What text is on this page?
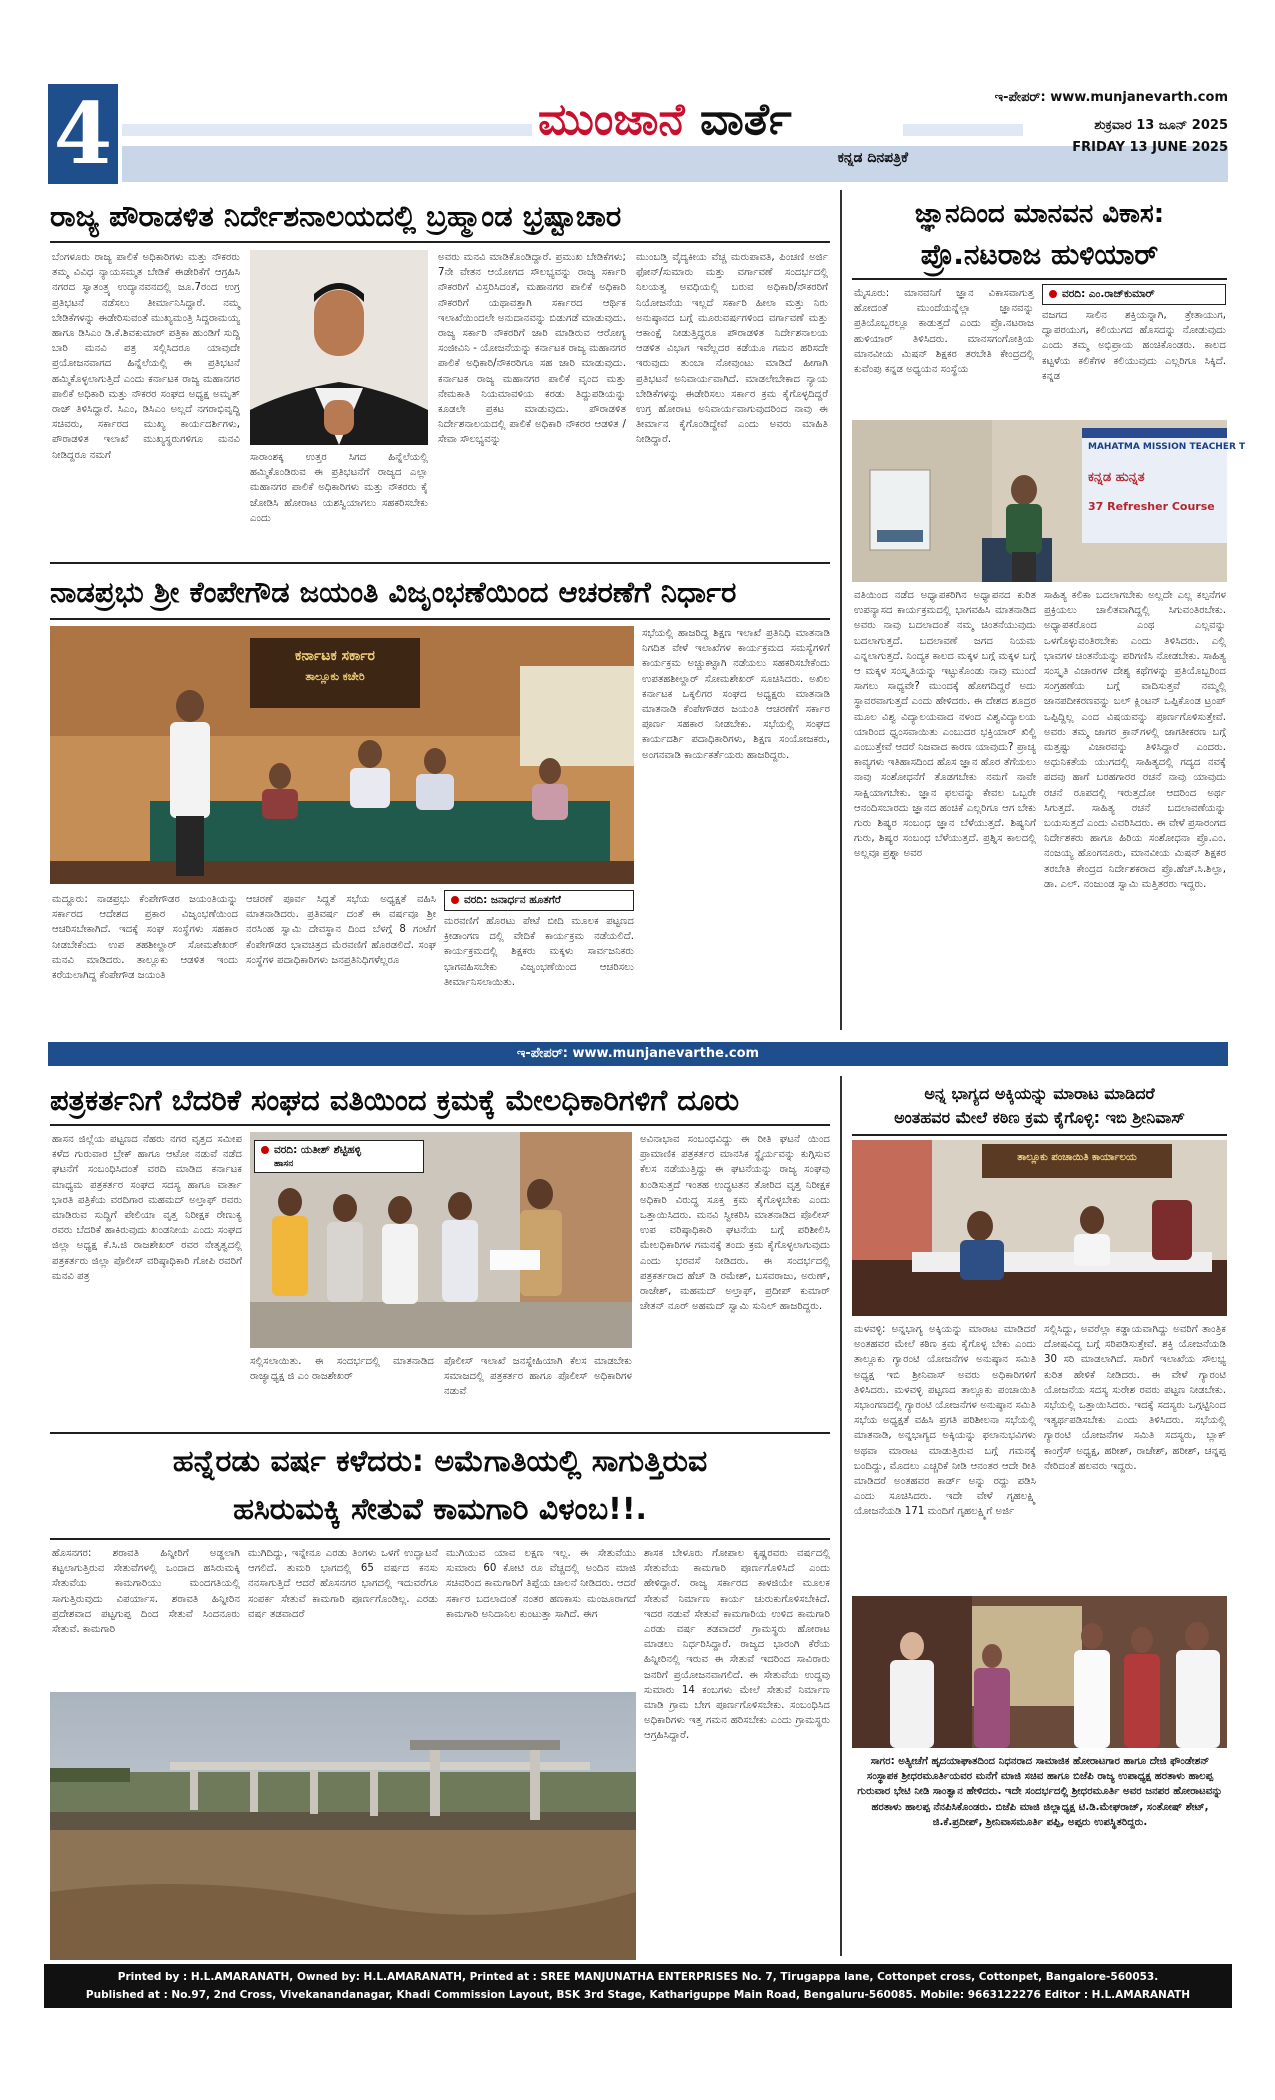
4	ಮುಂಜಾನೆ ವಾರ್ತೆ
ಕನ್ನಡ ದಿನಪತ್ರಿಕೆ
ಇ-ಪೇಪರ್: www.munjanevarth.com
ಶುಕ್ರವಾರ 13 ಜೂನ್ 2025
FRIDAY 13 JUNE 2025
ರಾಜ್ಯ ಪೌರಾಡಳಿತ ನಿರ್ದೇಶನಾಲಯದಲ್ಲಿ ಬ್ರಹ್ಮಾಂಡ ಭ್ರಷ್ಟಾಚಾರ
ಬೆಂಗಳೂರು ರಾಜ್ಯ ಪಾಲಿಕೆ ಅಧಿಕಾರಿಗಳು ಮತ್ತು ನೌಕರರು ತಮ್ಮ ವಿವಿಧ ನ್ಯಾಯಸಮ್ಮತ ಬೇಡಿಕೆ ಈಡೇರಿಕೆಗೆ ಆಗ್ರಹಿಸಿ ನಗರದ ಸ್ವಾತಂತ್ರ್ಯ ಉದ್ಯಾನವನದಲ್ಲಿ ಜೂ.7ರಂದ ಉಗ್ರ ಪ್ರತಿಭಟನೆ ನಡೆಸಲು ತೀರ್ಮಾನಿಸಿದ್ದಾರೆ. ನಮ್ಮ ಬೇಡಿಕೆಗಳನ್ನು ಈಡೇರಿಸುವಂತೆ ಮುಖ್ಯಮಂತ್ರಿ ಸಿದ್ದರಾಮಯ್ಯ ಹಾಗೂ ಡಿಸಿಎಂ ಡಿ.ಕೆ.ಶಿವಕುಮಾರ್ ಪತ್ರಿಕಾ ಹುಂಡಿಗೆ ಸುದ್ದಿ ಬಾರಿ ಮನವಿ ಪತ್ರ ಸಲ್ಲಿಸಿದರೂ ಯಾವುದೇ ಪ್ರಯೋಜನವಾಗದ ಹಿನ್ನೆಲೆಯಲ್ಲಿ ಈ ಪ್ರತಿಭಟನೆ ಹಮ್ಮಿಕೊಳ್ಳಲಾಗುತ್ತಿದೆ ಎಂದು ಕರ್ನಾಟಕ ರಾಜ್ಯ ಮಹಾನಗರ ಪಾಲಿಕೆ ಅಧಿಕಾರಿ ಮತ್ತು ನೌಕರರ ಸಂಘದ ಅಧ್ಯಕ್ಷ ಅಮೃತ್ ರಾಜ್ ತಿಳಿಸಿದ್ದಾರೆ. ಸಿಎಂ, ಡಿಸಿಎಂ ಅಲ್ಲದೆ ನಗರಾಭಿವೃದ್ಧಿ ಸಚಿವರು, ಸರ್ಕಾರದ ಮುಖ್ಯ ಕಾರ್ಯದರ್ಶಿಗಳು, ಪೌರಾಡಳಿತ ಇಲಾಖೆ ಮುಖ್ಯಸ್ಥರುಗಳಿಗೂ ಮನವಿ ನೀಡಿದ್ದರೂ ನಮಗೆ	ಸಾರಾಂಶಕ್ಕ ಉತ್ತರ ಸಿಗದ ಹಿನ್ನೆಲೆಯಲ್ಲಿ ಹಮ್ಮಿಕೊಂಡಿರುವ ಈ ಪ್ರತಿಭಟನೆಗೆ ರಾಜ್ಯದ ಎಲ್ಲಾ ಮಹಾನಗರ ಪಾಲಿಕೆ ಅಧಿಕಾರಿಗಳು ಮತ್ತು ನೌಕರರು ಕೈ ಜೋಡಿಸಿ ಹೋರಾಟ ಯಶಸ್ವಿಯಾಗಲು ಸಹಕರಿಸಬೇಕು ಎಂದು
ಅವರು ಮನವಿ ಮಾಡಿಕೊಂಡಿದ್ದಾರೆ. ಪ್ರಮುಖ ಬೇಡಿಕೆಗಳು; 7ನೇ ವೇತನ ಆಯೋಗದ ಸೌಲಭ್ಯವನ್ನು ರಾಜ್ಯ ಸರ್ಕಾರಿ ನೌಕರರಿಗೆ ವಿಸ್ತರಿಸಿದಂತೆ, ಮಹಾನಗರ ಪಾಲಿಕೆ ಅಧಿಕಾರಿ ನೌಕರರಿಗೆ ಯಥಾವತ್ತಾಗಿ ಸರ್ಕಾರದ ಆರ್ಥಿಕ ಇಲಾಖೆಯಿಂದಲೇ ಅನುದಾನವನ್ನು ಬಿಡುಗಡೆ ಮಾಡುವುದು. ರಾಜ್ಯ ಸರ್ಕಾರಿ ನೌಕರರಿಗೆ ಜಾರಿ ಮಾಡಿರುವ ಆರೋಗ್ಯ ಸಂಜೀವಿನಿ - ಯೋಜನೆಯನ್ನು ಕರ್ನಾಟಕ ರಾಜ್ಯ ಮಹಾನಗರ ಪಾಲಿಕೆ ಅಧಿಕಾರಿ/ನೌಕರರಿಗೂ ಸಹ ಜಾರಿ ಮಾಡುವುದು. ಕರ್ನಾಟಕ ರಾಜ್ಯ ಮಹಾನಗರ ಪಾಲಿಕೆ ವೃಂದ ಮತ್ತು ನೇಮಕಾತಿ ನಿಯಮಾವಳಿಯ ಕರಡು ತಿದ್ದುಪಡಿಯನ್ನು ಕೂಡಲೇ ಪ್ರಕಟ ಮಾಡುವುದು. ಪೌರಾಡಳಿತ ನಿರ್ದೇಶನಾಲಯದಲ್ಲಿ ಪಾಲಿಕೆ ಅಧಿಕಾರಿ ನೌಕರರ ಆಡಳಿತ /ಸೇವಾ ಸೌಲಭ್ಯವನ್ನು
ಮುಂಬಡ್ತಿ ವೈದ್ಯಕೀಯ ವೆಚ್ಚ ಮರುಪಾವತಿ, ಪಿಂಚಣಿ ಅರ್ಜಿ ಫೋನ್/ಸುಮಾರು ಮತ್ತು ವರ್ಗಾವಣೆ ಸಂದರ್ಭದಲ್ಲಿ ನಿಲಯತ್ವ ಅವಧಿಯಲ್ಲಿ ಬರುವ ಅಧಿಕಾರಿ/ನೌಕರರಿಗೆ ನಿಯೋಜನೆಯ ಇಲ್ಲದೆ ಸರ್ಕಾರಿ ಹೀಲಾ ಮತ್ತು ನಿರು ಅನುಷ್ಠಾನದ ಬಗ್ಗೆ ಮೂರುವರ್ಷಗಳಿಂದ ವರ್ಗಾವಣೆ ಮತ್ತು ಆಕಾಂಕ್ಷೆ ನೀಡುತ್ತಿದ್ದರೂ ಪೌರಾಡಳಿತ ನಿರ್ದೇಶನಾಲಯ ಆಡಳಿತ ವಿಭಾಗ ಇವೆಲ್ಲದರ ಕಡೆಯೂ ಗಮನ ಹರಿಸದೇ ಇರುವುದು ತುಂಬಾ ನೋವುಂಟು ಮಾಡಿದೆ ಹೀಗಾಗಿ ಪ್ರತಿಭಟನೆ ಅನಿವಾರ್ಯವಾಗಿದೆ. ಮಾಡಲೇಬೇಕಾದ ನ್ಯಾಯ ಬೇಡಿಕೆಗಳನ್ನು ಈಡೇರಿಸಲು ಸರ್ಕಾರ ಕ್ರಮ ಕೈಗೊಳ್ಳದಿದ್ದರೆ ಉಗ್ರ ಹೋರಾಟ ಅನಿವಾರ್ಯವಾಗುವುದರಿಂದ ನಾವು ಈ ತೀರ್ಮಾನ ಕೈಗೊಂಡಿದ್ದೇವೆ ಎಂದು ಅವರು ಮಾಹಿತಿ ನೀಡಿದ್ದಾರೆ.
ಜ್ಞಾನದಿಂದ ಮಾನವನ ವಿಕಾಸ:
ಪ್ರೊ.ನಟರಾಜ ಹುಳಿಯಾರ್
ಮೈಸೂರು: ಮಾನವನಿಗೆ ಜ್ಞಾನ ವಿಕಾಸವಾಗುತ್ತ ಹೋದಂತೆ ಮುಂದೆಯನ್ನೆಲ್ಲಾ ಜ್ಞಾನವನ್ನು ಪ್ರತಿಯೊಬ್ಬರಲ್ಲೂ ಕಾಡುತ್ತದೆ ಎಂದು ಪ್ರೊ.ನಟರಾಜ ಹುಳಿಯಾರ್ ತಿಳಿಸಿದರು. ಮಾನಸಗಂಗೋತ್ರಿಯ ಮಾನವೀಯ ಮಿಷನ್ ಶಿಕ್ಷಕರ ತರಬೇತಿ ಕೇಂದ್ರದಲ್ಲಿ ಕುವೆಂಪು ಕನ್ನಡ ಅಧ್ಯಯನ ಸಂಸ್ಥೆಯ
ವರದಿ: ಎಂ.ರಾಜ್‌ಕುಮಾರ್
ವಜಗದ ಸಾಲಿನ ಶಕ್ತಿಯನ್ನಾಗಿ, ತ್ರೇತಾಯುಗ, ದ್ವಾಪರಯುಗ, ಕಲಿಯುಗದ ಹೊಸದನ್ನು ನೋಡುವುದು ಎಂದು ತಮ್ಮ ಅಭಿಪ್ರಾಯ ಹಂಚಿಕೊಂಡರು. ಕಾಲದ ಕಟ್ಟಳೆಯ ಕಲಿಕೆಗಳ ಕಲಿಯುವುದು ಎಲ್ಲರಿಗೂ ಸಿಕ್ಕಿದೆ. ಕನ್ನಡ
MAHATMA MISSION TEACHER T
ಕನ್ನಡ ಹುನ್ನತ
37 Refresher Course
ವತಿಯಿಂದ ನಡೆದ ಅಧ್ಯಾಪಕರಿಗಿನ ಅಧ್ಯಾಪನದ ಕುರಿತ ಉಪನ್ಯಾಸದ ಕಾರ್ಯಕ್ರಮದಲ್ಲಿ ಭಾಗವಹಿಸಿ ಮಾತನಾಡಿದ ಅವರು ನಾವು ಬದಲಾದಂತೆ ನಮ್ಮ ಚಿಂತನೆಯುವುದು ಬದಲಾಗುತ್ತದೆ. ಬದಲಾವಣೆ ಜಗದ ನಿಯಮ ಎನ್ನಲಾಗುತ್ತದೆ. ನಿಂದ್ಯಕ ಕಾಲದ ಮಕ್ಕಳ ಬಗ್ಗೆ ಮಕ್ಕಳ ಬಗ್ಗೆ ಆ ಮಕ್ಕಳ ಸಂಸ್ಕೃತಿಯನ್ನು ಇಟ್ಟುಕೊಂಡು ನಾವು ಮುಂದೆ ಸಾಗಲು ಸಾಧ್ಯವೇ? ಮುಂದಕ್ಕೆ ಹೋಗದಿದ್ದರೆ ಅದು ಸ್ಥಾವರವಾಗುತ್ತದೆ ಎಂದು ಹೇಳಿದರು. ಈ ದೇಶದ ಶೂದ್ರರ ಮೂಲ ವಿಶ್ವ ವಿದ್ಯಾಲಯವಾದ ನಳಂದ ವಿಶ್ವವಿದ್ಯಾಲಯ ಯಾರಿಂದ ಧ್ವಂಸವಾಯಿತು ಎಂಬುದರ ಭಕ್ತಿಯಾರ್ ಖಿಲ್ಜಿ ಎಂಬುತ್ತೇವೆ ಆದರೆ ನಿಜವಾದ ಕಾರಣ ಯಾವುದು? ಪ್ರಾಚ್ಯ ಕಾವ್ಯಗಳು ಇತಿಹಾಸದಿಂದ ಹೊಸ ಜ್ಞಾನ ಹೊರ ತೆಗೆಯಲು ನಾವು ಸಂಶೋಧನೆಗೆ ತೊಡಗಬೇಕು ನಮಗೆ ನಾವೇ ಸಾಕ್ಷಿಯಾಗಬೇಕು. ಜ್ಞಾನ ಫಲವನ್ನು ಕೇವಲ ಒಬ್ಬರೇ ಆನಂದಿಸಬಾರದು ಜ್ಞಾನದ ಹಂಚಿಕೆ ಎಲ್ಲರಿಗೂ ಆಗ ಬೇಕು ಗುರು ಶಿಷ್ಯರ ಸಂಬಂಧ ಜ್ಞಾನ ಬೆಳೆಯುತ್ತದೆ. ಶಿಷ್ಯನಿಗೆ ಗುರು, ಶಿಷ್ಯರ ಸಂಬಂಧ ಬೆಳೆಯುತ್ತದೆ. ಪ್ರಶ್ನಿಸ ಕಾಲದಲ್ಲಿ ಅಲ್ಲವೂ ಪ್ರಶ್ನಾ ಅವರ
ಸಾಹಿತ್ಯ ಕಲಿಕಾ ಬದಲಾಗಬೇಕು ಅಲ್ಲದೇ ಎಲ್ಲ ಕಲ್ಪನೆಗಳ ಪ್ರಕ್ರಿಯಲು ಚಾಲಿತವಾಗಿದ್ದಲ್ಲಿ ಸಿಗುವಂತಿರಬೇಕು. ಅಧ್ಯಾಪಕರೊಂದ ಎಂಥ ಎಲ್ಲವನ್ನು ಒಳಗೊಳ್ಳುವಂತಿರಬೇಕು ಎಂದು ತಿಳಿಸಿದರು. ಎಲ್ಲಿ ಭಾವಗಳ ಚಿಂತನೆಯನ್ನು ಪರಿಗಣಿಸಿ ನೋಡಬೇಕು. ಸಾಹಿತ್ಯ ಸಂಸ್ಕೃತಿ ವಿಚಾರಗಳ ದೇಶ್ಯ ಕಥೆಗಳನ್ನು ಪ್ರತಿಯೊಬ್ಬರಿಂದ ಸಂಗ್ರಹಣೆಯ ಬಗ್ಗೆ ವಾದಿಸುತ್ತವೆ ನಮ್ಮಲ್ಲಿ ಜಾನಪದೀಕರಣವನ್ನು ಬಲ್ ಕ್ಲಿಂಟನ್ ಒಪ್ಪಿಕೊಂಡ ಟ್ರಂಪ್ ಒಪ್ಪಿದ್ದಿಲ್ಲ ಎಂದ ವಿಷಯವನ್ನು ಪೂರ್ಣಗೊಳಿಸುತ್ತೇವೆ. ಅವರು ತಮ್ಮ ಜಾಗರ ಕ್ರಾನ್‌ಗಳಲ್ಲಿ ಜಾಗತೀಕರಣ ಬಗ್ಗೆ ಮತ್ತಷ್ಟು ವಿಚಾರವನ್ನು ತಿಳಿಸಿದ್ದಾರೆ ಎಂದರು. ಅಧುನಿಕತೆಯ ಯುಗದಲ್ಲಿ ಸಾಹಿತ್ಯದಲ್ಲಿ ಗದ್ಯದ ನವಕ್ಕೆ ಪದವು ಹಾಗೆ ಬರಹಗಾರರ ರಚನೆ ನಾವು ಯಾವುದು ರಚನೆ ರೂಪದಲ್ಲಿ ಇರುತ್ತದೋ ಆದರಿಂದ ಅರ್ಥ ಸಿಗುತ್ತದೆ. ಸಾಹಿತ್ಯ ರಚನೆ ಬದಲಾವಣೆಯನ್ನು ಬಯಸುತ್ತದೆ ಎಂದು ವಿವರಿಸಿದರು. ಈ ವೇಳೆ ಪ್ರಸಾರಂಗದ ನಿರ್ದೇಶಕರು ಹಾಗೂ ಹಿರಿಯ ಸಂಶೋಧನಾ ಪ್ರೊ.ಎಂ. ನಂಜಯ್ಯ ಹೊಂಗನೂರು, ಮಾನವೀಯ ಮಿಷನ್ ಶಿಕ್ಷಕರ ತರಬೇತಿ ಕೇಂದ್ರದ ನಿರ್ದೇಶಕರಾದ ಪ್ರೊ.ಹೆಚ್.ಸಿ.ಶಿಲ್ಪಾ, ಡಾ. ಎಲ್. ನಂಜುಂಡ ಸ್ವಾಮಿ ಮತ್ತಿತರರು ಇದ್ದರು.
ನಾಡಪ್ರಭು ಶ್ರೀ ಕೆಂಪೇಗೌಡ ಜಯಂತಿ ವಿಜೃಂಭಣೆಯಿಂದ ಆಚರಣೆಗೆ ನಿರ್ಧಾರ
ಕರ್ನಾಟಕ ಸರ್ಕಾರ
ತಾಲ್ಲೂಕು ಕಚೇರಿ
ಸಭೆಯಲ್ಲಿ ಹಾಜರಿದ್ದ ಶಿಕ್ಷಣ ಇಲಾಖೆ ಪ್ರತಿನಿಧಿ ಮಾತನಾಡಿ ನಿಗದಿತ ವೇಳೆ ಇಲಾಖೆಗಳ ಕಾರ್ಯಕ್ರಮದ ಸಮಸ್ಯೆಗಳಿಗೆ ಕಾರ್ಯಕ್ರಮ ಅಚ್ಚುಕಟ್ಟಾಗಿ ನಡೆಯಲು ಸಹಕರಿಸಬೇಕೆಂದು ಉಪತಹಶೀಲ್ದಾರ್ ಸೋಮಶೇಖರ್ ಸೂಚಿಸಿದರು. ಅಖಿಲ ಕರ್ನಾಟಕ ಒಕ್ಕಲಿಗರ ಸಂಘದ ಅಧ್ಯಕ್ಷರು ಮಾತನಾಡಿ ಮಾತನಾಡಿ ಕೆಂಪೇಗೌಡರ ಜಯಂತಿ ಆಚರಣೆಗೆ ಸರ್ಕಾರ ಪೂರ್ಣ ಸಹಕಾರ ನೀಡಬೇಕು. ಸಭೆಯಲ್ಲಿ ಸಂಘದ ಕಾರ್ಯದರ್ಶಿ ಪದಾಧಿಕಾರಿಗಳು, ಶಿಕ್ಷಣ ಸಂಯೋಜಕರು, ಅಂಗನವಾಡಿ ಕಾರ್ಯಕರ್ತೆಯರು ಹಾಜರಿದ್ದರು.
ಮದ್ದೂರು: ನಾಡಪ್ರಭು ಕೆಂಪೇಗೌಡರ ಜಯಂತಿಯನ್ನು ಸರ್ಕಾರದ ಆದೇಶದ ಪ್ರಕಾರ ವಿಜೃಂಭಣೆಯಿಂದ ಆಚರಿಸಬೇಕಾಗಿದೆ. ಇದಕ್ಕೆ ಸಂಘ ಸಂಸ್ಥೆಗಳು ಸಹಕಾರ ನೀಡಬೇಕೆಂದು ಉಪ ತಹಶೀಲ್ದಾರ್ ಸೋಮಶೇಖರ್ ಮನವಿ ಮಾಡಿದರು. ತಾಲ್ಲೂಕು ಆಡಳಿತ ಇಂದು ಕರೆಯಲಾಗಿದ್ದ ಕೆಂಪೇಗೌಡ ಜಯಂತಿ
ಆಚರಣೆ ಪೂರ್ವ ಸಿದ್ದತೆ ಸಭೆಯ ಅಧ್ಯಕ್ಷತೆ ವಹಿಸಿ ಮಾತನಾಡಿದರು. ಪ್ರತಿವರ್ಷ ದಂತೆ ಈ ವರ್ಷವೂ ಶ್ರೀ ನರಸಿಂಹ ಸ್ವಾಮಿ ದೇವಸ್ಥಾನ ದಿಂದ ಬೆಳಗ್ಗೆ 8 ಗಂಟೆಗೆ ಕೆಂಪೇಗೌಡರ ಭಾವಚಿತ್ರದ ಮೆರವಣಿಗೆ ಹೊರಡಲಿದೆ. ಸಂಘ ಸಂಸ್ಥೆಗಳ ಪದಾಧಿಕಾರಿಗಳು ಜನಪ್ರತಿನಿಧಿಗಳೆಲ್ಲರೂ
ವರದಿ: ಜನಾರ್ಧನ ಹೂತಗೆರೆ
ಮರವಣಿಗೆ ಹೊರಟು ಪೇಟೆ ಬೀದಿ ಮೂಲಕ ಪಟ್ಟಣದ ಕ್ರೀಡಾಂಗಣ ದಲ್ಲಿ ವೇದಿಕೆ ಕಾರ್ಯಕ್ರಮ ನಡೆಯಲಿದೆ. ಕಾರ್ಯಕ್ರಮದಲ್ಲಿ ಶಿಕ್ಷಕರು ಮಕ್ಕಳು ಸಾರ್ವಜನಿಕರು ಭಾಗವಹಿಸಬೇಕು ವಿಜೃಂಭಣೆಯಿಂದ ಆಚರಿಸಲು ತೀರ್ಮಾನಿಸಲಾಯಿತು.
ಇ-ಪೇಪರ್: www.munjanevarthe.com
ಪತ್ರಕರ್ತನಿಗೆ ಬೆದರಿಕೆ ಸಂಘದ ವತಿಯಿಂದ ಕ್ರಮಕ್ಕೆ ಮೇಲಧಿಕಾರಿಗಳಿಗೆ ದೂರು
ಹಾಸನ ಜಿಲ್ಲೆಯ ಪಟ್ಟಣದ ನೆಹರು ನಗರ ವೃತ್ತದ ಸಮೀಪ ಕಳೆದ ಗುರುವಾರ ಬ್ರೇಕ್ ಹಾಗೂ ಆಟೋ ನಡುವೆ ನಡೆದ ಘಟನೆಗೆ ಸಂಬಂಧಿಸಿದಂತೆ ವರದಿ ಮಾಡಿದ ಕರ್ನಾಟಕ ಮಾಧ್ಯಮ ಪತ್ರಕರ್ತರ ಸಂಘದ ಸದಸ್ಯ ಹಾಗೂ ವಾರ್ತಾ ಭಾರತಿ ಪತ್ರಿಕೆಯ ವರದಿಗಾರ ಮಹಮದ್ ಅಲ್ತಾಫ್ ರವರು ಮಾಡಿರುವ ಸುದ್ದಿಗೆ ಪೇಲಿಯಾ ವೃತ್ತ ನಿರೀಕ್ಷಕ ರೇಣುಕ್ಯ ರವರು ಬೆದರಿಕೆ ಹಾಕಿರುವುದು ಖಂಡನೀಯ ಎಂದು ಸಂಘದ ಜಿಲ್ಲಾ ಅಧ್ಯಕ್ಷ ಕೆ.ಸಿ.ಜಿ ರಾಜಶೇಖರ್ ರವರ ನೇತೃತ್ವದಲ್ಲಿ ಪತ್ರಕರ್ತರು ಜಿಲ್ಲಾ ಪೊಲೀಸ್ ವರಿಷ್ಠಾಧಿಕಾರಿ ಗೋಪಿ ರವರಿಗೆ ಮನವಿ ಪತ್ರ
ವರದಿ: ಯತೀಶ್ ಶೆಟ್ಟಿಹಳ್ಳಿ
ಹಾಸನ
ಸಲ್ಲಿಸಲಾಯಿತು. ಈ ಸಂದರ್ಭದಲ್ಲಿ ಮಾತನಾಡಿದ ರಾಜ್ಯಾಧ್ಯಕ್ಷ ಜಿ ಎಂ ರಾಜಶೇಖರ್
ಪೊಲೀಸ್ ಇಲಾಖೆ ಜನಸ್ನೇಹಿಯಾಗಿ ಕೆಲಸ ಮಾಡಬೇಕು ಸಮಾಜದಲ್ಲಿ ಪತ್ರಕರ್ತರ ಹಾಗೂ ಪೊಲೀಸ್ ಅಧಿಕಾರಿಗಳ ನಡುವೆ
ಅವಿನಾಭಾವ ಸಂಬಂಧವಿದ್ದು ಈ ರೀತಿ ಘಟನೆ ಯಿಂದ ಪ್ರಾಮಾಣಿಕ ಪತ್ರಕರ್ತರ ಮಾನಸಿಕ ಸ್ಥೈರ್ಯವನ್ನು ಕುಗ್ಗಿಸುವ ಕೆಲಸ ನಡೆಯುತ್ತಿದ್ದು ಈ ಘಟನೆಯನ್ನು ರಾಜ್ಯ ಸಂಘವು ಖಂಡಿಸುತ್ತದೆ ಇಂತಹ ಉದ್ಧಟತನ ತೋರಿದ ವೃತ್ತ ನಿರೀಕ್ಷಕ ಅಧಿಕಾರಿ ವಿರುದ್ಧ ಸೂಕ್ತ ಕ್ರಮ ಕೈಗೊಳ್ಳಬೇಕು ಎಂದು ಒತ್ತಾಯಿಸಿದರು. ಮನವಿ ಸ್ವೀಕರಿಸಿ ಮಾತನಾಡಿದ ಪೊಲೀಸ್ ಉಪ ವರಿಷ್ಠಾಧಿಕಾರಿ ಘಟನೆಯ ಬಗ್ಗೆ ಪರಿಶೀಲಿಸಿ ಮೇಲಧಿಕಾರಿಗಳ ಗಮನಕ್ಕೆ ತಂದು ಕ್ರಮ ಕೈಗೊಳ್ಳಲಾಗುವುದು ಎಂದು ಭರವಸೆ ನೀಡಿದರು. ಈ ಸಂದರ್ಭದಲ್ಲಿ ಪತ್ರಕರ್ತರಾದ ಹೆಚ್ ಡಿ ರಮೇಶ್, ಬಸವರಾಜು, ಅರುಣ್, ರಾಜೇಶ್, ಮಹಮದ್ ಅಲ್ತಾಫ್, ಪ್ರದೀಪ್ ಕುಮಾರ್ ಚೇತನ್ ನೂರ್ ಅಹಮದ್ ಸ್ವಾಮಿ ಸುನಿಲ್ ಹಾಜರಿದ್ದರು.
ಅನ್ನ ಭಾಗ್ಯದ ಅಕ್ಕಿಯನ್ನು ಮಾರಾಟ ಮಾಡಿದರೆ
ಅಂತಹವರ ಮೇಲೆ ಕಠಿಣ ಕ್ರಮ ಕೈಗೊಳ್ಳಿ: ಇಬಿ ಶ್ರೀನಿವಾಸ್
ತಾಲ್ಲೂಕು ಪಂಚಾಯಿತಿ ಕಾರ್ಯಾಲಯ
ಮಳವಳ್ಳಿ: ಅನ್ನಭಾಗ್ಯ ಅಕ್ಕಿಯನ್ನು ಮಾರಾಟ ಮಾಡಿದರೆ ಅಂತಹವರ ಮೇಲೆ ಕಠಿಣ ಕ್ರಮ ಕೈಗೊಳ್ಳ ಬೇಕು ಎಂದು ತಾಲ್ಲೂಕು ಗ್ಯಾರಂಟಿ ಯೋಜನೆಗಳ ಅನುಷ್ಠಾನ ಸಮಿತಿ ಅಧ್ಯಕ್ಷ ಇಬಿ ಶ್ರೀನಿವಾಸ್ ಅವರು ಅಧಿಕಾರಿಗಳಿಗೆ ತಿಳಿಸಿದರು. ಮಳವಳ್ಳಿ ಪಟ್ಟಣದ ತಾಲ್ಲೂಕು ಪಂಚಾಯಿತಿ ಸಭಾಂಗಣದಲ್ಲಿ ಗ್ಯಾರಂಟಿ ಯೋಜನೆಗಳ ಅನುಷ್ಠಾನ ಸಮಿತಿ ಸಭೆಯ ಅಧ್ಯಕ್ಷತೆ ವಹಿಸಿ ಪ್ರಗತಿ ಪರಿಶೀಲನಾ ಸಭೆಯಲ್ಲಿ ಮಾತನಾಡಿ, ಅನ್ನಭಾಗ್ಯದ ಅಕ್ಕಿಯನ್ನು ಫಲಾನುಭವಿಗಳು ಅಥವಾ ಮಾರಾಟ ಮಾಡುತ್ತಿರುವ ಬಗ್ಗೆ ಗಮನಕ್ಕೆ ಬಂದಿದ್ದು, ಮೊದಲು ಎಚ್ಚರಿಕೆ ನೀಡಿ ಆನಂತರ ಆದೇ ರೀತಿ ಮಾಡಿದರೆ ಅಂತಹವರ ಕಾರ್ಡ್ ಅನ್ನು ರದ್ದು ಪಡಿಸಿ ಎಂದು ಸೂಚಿಸಿದರು. ಇದೇ ವೇಳೆ ಗೃಹಲಕ್ಷ್ಮಿ ಯೋಜನೆಯಡಿ 171 ಮಂದಿಗೆ ಗೃಹಲಕ್ಷ್ಮಿಗೆ ಅರ್ಜಿ
ಸಲ್ಲಿಸಿದ್ದು, ಅವರೆಲ್ಲಾ ಕಡ್ಡಾಯವಾಗಿದ್ದು ಅವರಿಗೆ ತಾಂತ್ರಿಕ ದೋಷವಿದ್ದ ಬಗ್ಗೆ ಸರಿಪಡಿಸುತ್ತೇವೆ. ಶಕ್ತಿ ಯೋಜನೆಯಡಿ 30 ಸರಿ ಮಾಡಲಾಗಿದೆ. ಸಾರಿಗೆ ಇಲಾಖೆಯ ಸೌಲಭ್ಯ ಕುರಿತ ಹೇಳಿಕೆ ನೀಡಿದರು. ಈ ವೇಳೆ ಗ್ಯಾರಂಟಿ ಯೋಜನೆಯ ಸದಸ್ಯ ಸುರೇಶ ರವರು ಪಟ್ಟಣ ನೀಡಬೇಕು. ಸಭೆಯಲ್ಲಿ ಒತ್ತಾಯಿಸಿದರು. ಇದಕ್ಕೆ ಸದಸ್ಯರು ಒಗ್ಗಟ್ಟಿನಿಂದ ಇತ್ಯರ್ಥಪಡಿಸಬೇಕು ಎಂದು ತಿಳಿಸಿದರು. ಸಭೆಯಲ್ಲಿ ಗ್ಯಾರಂಟಿ ಯೋಜನೆಗಳ ಸಮಿತಿ ಸದಸ್ಯರು, ಬ್ಲಾಕ್ ಕಾಂಗ್ರೆಸ್ ಅಧ್ಯಕ್ಷ, ಹರೀಶ್, ರಾಜೇಶ್, ಹರೀಶ್, ಚನ್ನಪ್ಪ ನೇರಿದಂತೆ ಹಲವರು ಇದ್ದರು.
ಹನ್ನೆರಡು ವರ್ಷ ಕಳೆದರು: ಅಮೆಗಾತಿಯಲ್ಲಿ ಸಾಗುತ್ತಿರುವ
ಹಸಿರುಮಕ್ಕಿ ಸೇತುವೆ ಕಾಮಗಾರಿ ವಿಳಂಬ!!.
ಹೊಸನಗರ: ಶರಾವತಿ ಹಿನ್ನೀರಿಗೆ ಅಡ್ಡಲಾಗಿ ಕಟ್ಟಲಾಗುತ್ತಿರುವ ಸೇತುವೆಗಳಲ್ಲಿ ಒಂದಾದ ಹಸಿರುಮಕ್ಕಿ ಸೇತುವೆಯ ಕಾಮಗಾರಿಯು ಮಂದಗತಿಯಲ್ಲಿ ಸಾಗುತ್ತಿರುವುದು ವಿಪರ್ಯಾಸ. ಶರಾವತಿ ಹಿನ್ನೀರಿನ ಪ್ರದೇಶವಾದ ಪಟ್ಟಗುಪ್ಪ ದಿಂದ ಸೇತುವೆ ಸಿಂದನೂರು ಸೇತುವೆ. ಕಾಮಗಾರಿ
ಮುಗಿದಿದ್ದು, ಇನ್ನೇನೂ ಎರಡು ತಿಂಗಳು ಒಳಗೆ ಉದ್ಘಾಟನೆ ಆಗಲಿದೆ. ತುಮರಿ ಭಾಗದಲ್ಲಿ 65 ವರ್ಷದ ಕನಸು ನನಸಾಗುತ್ತಿದೆ ಆದರೆ ಹೊಸನಗರ ಭಾಗದಲ್ಲಿ ಇದುವರೆಗೂ ಸಂಪರ್ಕ ಸೇತುವೆ ಕಾಮಗಾರಿ ಪೂರ್ಣಗೊಂಡಿಲ್ಲ. ಎರಡು ವರ್ಷ ತಡವಾದರೆ
ಮುಗಿಯುವ ಯಾವ ಲಕ್ಷಣ ಇಲ್ಲ. ಈ ಸೇತುವೆಯು ಸುಮಾರು 60 ಕೋಟಿ ರೂ ವೆಚ್ಚದಲ್ಲಿ ಅಂದಿನ ಮಾಜಿ ಸಚಿವರಿಂದ ಕಾಮಗಾರಿಗೆ ತಿಪ್ಪೆಯ ಚಾಲನೆ ನೀಡಿದರು. ಆದರೆ ಸರ್ಕಾರ ಬದಲಾದಂತೆ ನಂತರ ಹಣಕಾಸು ಮಂಜೂರಾಗದೆ ಕಾಮಗಾರಿ ಅನಿದಾನಿಲ ಕುಂಟುತ್ತಾ ಸಾಗಿದೆ. ಈಗ
ಶಾಸಕ ಬೇಳೂರು ಗೋಪಾಲ ಕೃಷ್ಣರವರು ವರ್ಷದಲ್ಲಿ ಸೇತುವೆಯ ಕಾಮಗಾರಿ ಪೂರ್ಣಗೊಳಿಸಿದೆ ಎಂದು ಹೇಳಿದ್ದಾರೆ. ರಾಜ್ಯ ಸರ್ಕಾರದ ಕಾಳಜಿಯೇ ಮೂಲಕ ಸೇತುವೆ ನಿರ್ಮಾಣ ಕಾರ್ಯ ಚುರುಕುಗೊಳಿಸಬೇಕಿದೆ. ಇದರ ನಡುವೆ ಸೇತುವೆ ಕಾಮಗಾರಿಯ ಉಳಿದ ಕಾಮಗಾರಿ ಎರಡು ವರ್ಷ ತಡವಾದರೆ ಗ್ರಾಮಸ್ಥರು ಹೋರಾಟ ಮಾಡಲು ನಿರ್ಧರಿಸಿದ್ದಾರೆ. ರಾಜ್ಯದ ಭಾರಂಗಿ ಕೆರೆಯ ಹಿನ್ನೀರಿನಲ್ಲಿ ಇರುವ ಈ ಸೇತುವೆ ಇದರಿಂದ ಸಾವಿರಾರು ಜನರಿಗೆ ಪ್ರಯೋಜನವಾಗಲಿದೆ. ಈ ಸೇತುವೆಯ ಉದ್ದವು ಸುಮಾರು 14 ಕಂಬಗಳು ಮೇಲೆ ಸೇತುವೆ ನಿರ್ಮಾಣ ಮಾಡಿ ಗ್ರಾಮ ಬೇಗ ಪೂರ್ಣಗೊಳಿಸಬೇಕು. ಸಂಬಂಧಿಸಿದ ಅಧಿಕಾರಿಗಳು ಇತ್ತ ಗಮನ ಹರಿಸಬೇಕು ಎಂದು ಗ್ರಾಮಸ್ಥರು ಆಗ್ರಹಿಸಿದ್ದಾರೆ.
ಸಾಗರ: ಅತ್ಯೀಚೆಗೆ ಹೃದಯಾಘಾತದಿಂದ ನಿಧನರಾದ ಸಾಮಾಜಿಕ ಹೋರಾಟಗಾರ ಹಾಗೂ ದೇಜಿ ಫೌಂಡೇಶನ್ ಸಂಸ್ಥಾಪಕ ಶ್ರೀಧರಮೂರ್ತಿಯವರ ಮನೆಗೆ ಮಾಜಿ ಸಚಿವ ಹಾಗೂ ಬಿಜೆಪಿ ರಾಜ್ಯ ಉಪಾಧ್ಯಕ್ಷ ಹರತಾಳು ಹಾಲಪ್ಪ ಗುರುವಾರ ಭೇಟಿ ನೀಡಿ ಸಾಂತ್ವಾನ ಹೇಳಿದರು. ಇದೇ ಸಂದರ್ಭದಲ್ಲಿ ಶ್ರೀಧರಮೂರ್ತಿ ಅವರ ಜನಪರ ಹೋರಾಟವನ್ನು ಹರತಾಳು ಹಾಲಪ್ಪ ನೆನಪಿಸಿಕೊಂಡರು. ಬಿಜೆಪಿ ಮಾಜಿ ಜಿಲ್ಲಾಧ್ಯಕ್ಷ ಟಿ.ಡಿ.ಮೇಘರಾಜ್, ಸಂತೋಷ್ ಶೇಟ್, ಜಿ.ಕೆ.ಪ್ರದೀಪ್, ಶ್ರೀನಿವಾಸಮೂರ್ತಿ ಪಪ್ಪಿ, ಅಪ್ಪರು ಉಪಸ್ಥಿತರಿದ್ದರು.
Printed by : H.L.AMARANATH, Owned by: H.L.AMARANATH, Printed at : SREE MANJUNATHA ENTERPRISES No. 7, Tirugappa lane, Cottonpet cross, Cottonpet, Bangalore-560053.
Published at : No.97, 2nd Cross, Vivekanandanagar, Khadi Commission Layout, BSK 3rd Stage, Kathariguppe Main Road, Bengaluru-560085. Mobile: 9663122276 Editor : H.L.AMARANATH
